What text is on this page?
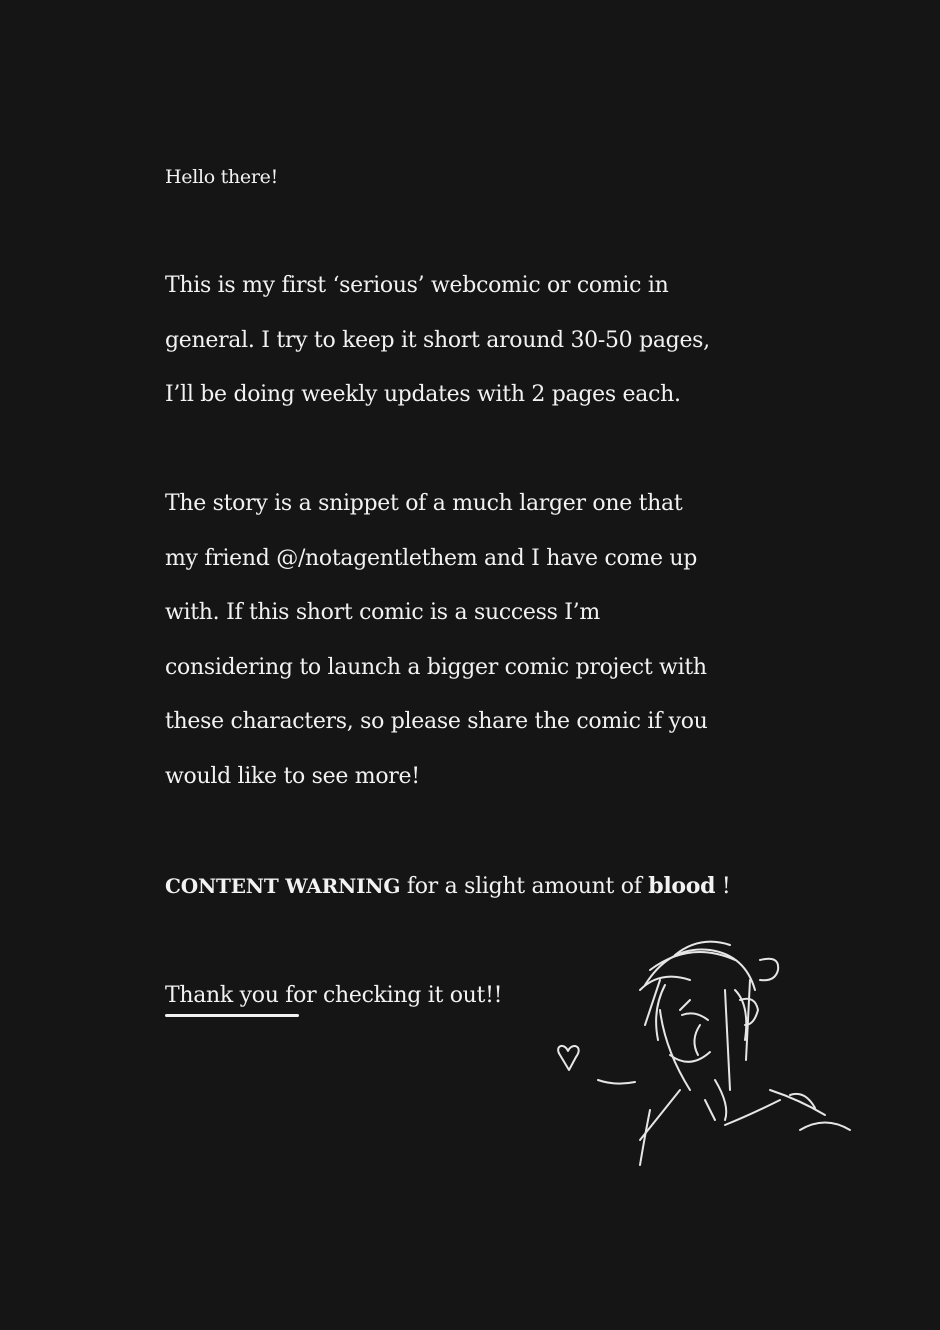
Hello there!
This is my first ‘serious’ webcomic or comic in
general. I try to keep it short around 30-50 pages,
I’ll be doing weekly updates with 2 pages each.
The story is a snippet of a much larger one that
my friend @/notagentlethem and I have come up
with. If this short comic is a success I’m
considering to launch a bigger comic project with
these characters, so please share the comic if you
would like to see more!
CONTENT WARNING for a slight amount of blood !
Thank you
for checking it out!!
